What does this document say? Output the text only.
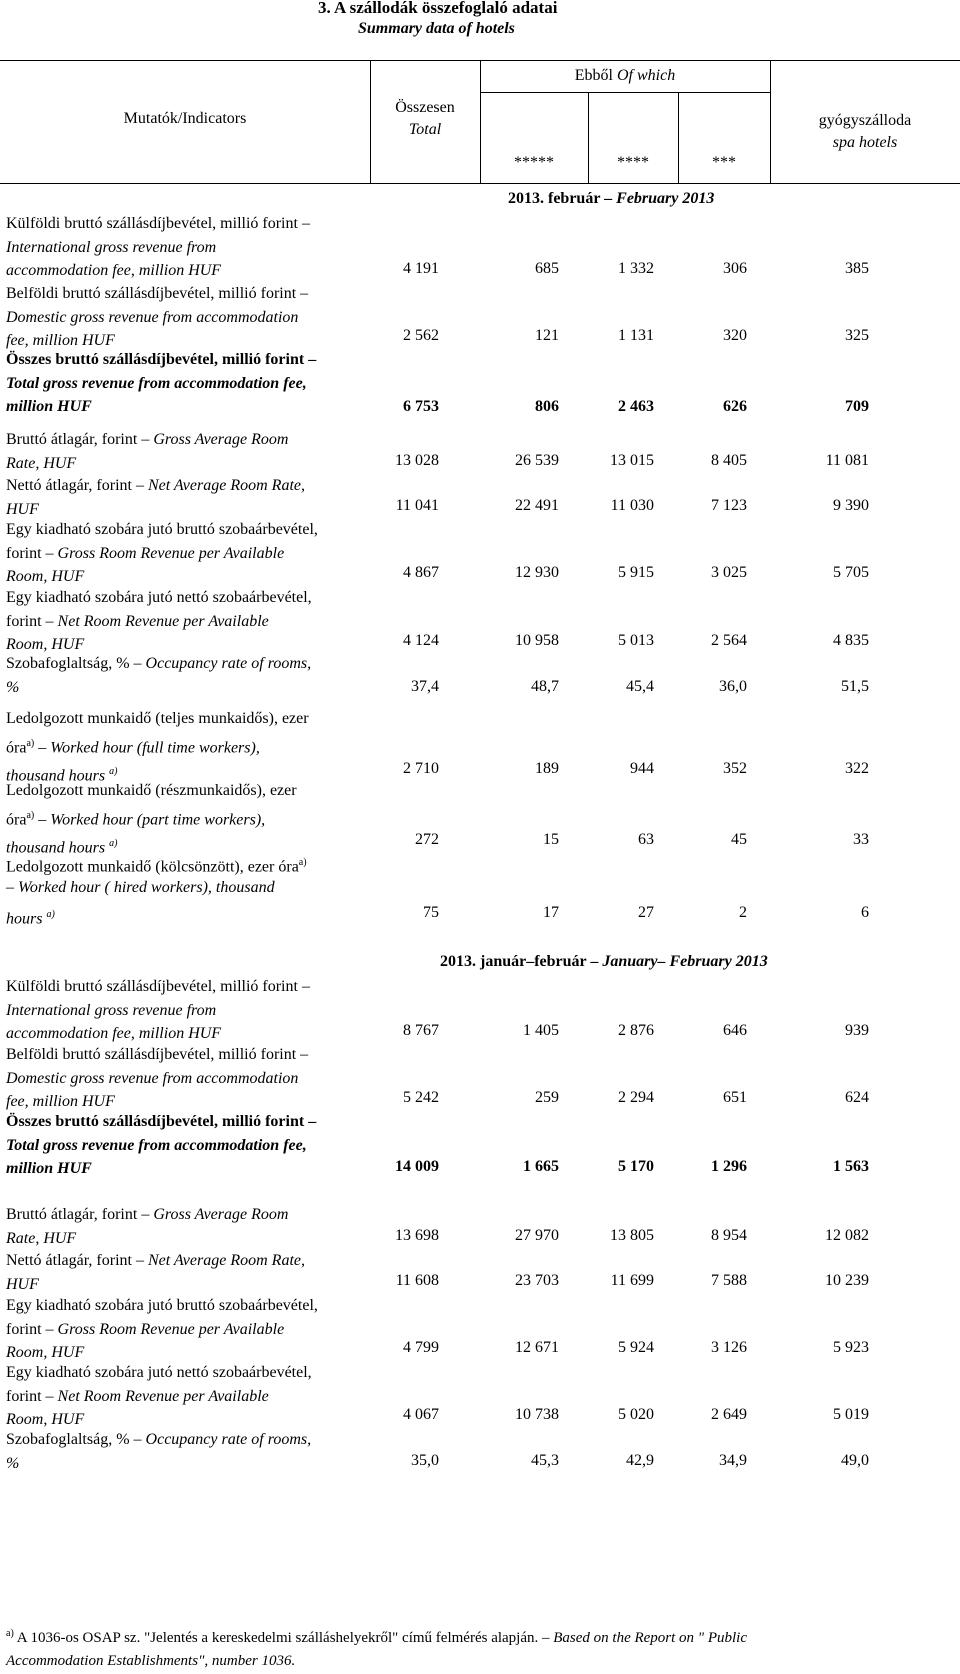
3. A szállodák összefoglaló adatai
Summary data of hotels
Mutatók/Indicators
Összesen
Total
Ebből Of which
*****	****	***
gyógyszálloda
spa hotels
2013. február – February 2013
Külföldi bruttó szállásdíjbevétel, millió forint –
International gross revenue from
accommodation fee, million HUF	4 191	685	1 332	306	385
Belföldi bruttó szállásdíjbevétel, millió forint –
Domestic gross revenue from accommodation
fee, million HUF	2 562	121	1 131	320	325
Összes bruttó szállásdíjbevétel, millió forint –
Total gross revenue from accommodation fee,
million HUF	6 753	806	2 463	626	709
Bruttó átlagár, forint – Gross Average Room
Rate, HUF	13 028	26 539	13 015	8 405	11 081
Nettó átlagár, forint – Net Average Room Rate,
HUF	11 041	22 491	11 030	7 123	9 390
Egy kiadható szobára jutó bruttó szobaárbevétel,
forint – Gross Room Revenue per Available
Room, HUF	4 867	12 930	5 915	3 025	5 705
Egy kiadható szobára jutó nettó szobaárbevétel,
forint – Net Room Revenue per Available
Room, HUF	4 124	10 958	5 013	2 564	4 835
Szobafoglaltság, % – Occupancy rate of rooms,
%	37,4	48,7	45,4	36,0	51,5
Ledolgozott munkaidő (teljes munkaidős), ezer
óra$^{a)}$ – Worked hour (full time workers),
thousand hours $^{a)}$	2 710	189	944	352	322
Ledolgozott munkaidő (részmunkaidős), ezer
óra$^{a)}$ – Worked hour (part time workers),
thousand hours $^{a)}$	272	15	63	45	33
Ledolgozott munkaidő (kölcsönzött), ezer óra$^{a)}$
– Worked hour ( hired workers), thousand
hours $^{a)}$	75	17	27	2	6
2013. január–február – January– February 2013
Külföldi bruttó szállásdíjbevétel, millió forint –
International gross revenue from
accommodation fee, million HUF	8 767	1 405	2 876	646	939
Belföldi bruttó szállásdíjbevétel, millió forint –
Domestic gross revenue from accommodation
fee, million HUF	5 242	259	2 294	651	624
Összes bruttó szállásdíjbevétel, millió forint –
Total gross revenue from accommodation fee,
million HUF	14 009	1 665	5 170	1 296	1 563
Bruttó átlagár, forint – Gross Average Room
Rate, HUF	13 698	27 970	13 805	8 954	12 082
Nettó átlagár, forint – Net Average Room Rate,
HUF	11 608	23 703	11 699	7 588	10 239
Egy kiadható szobára jutó bruttó szobaárbevétel,
forint – Gross Room Revenue per Available
Room, HUF	4 799	12 671	5 924	3 126	5 923
Egy kiadható szobára jutó nettó szobaárbevétel,
forint – Net Room Revenue per Available
Room, HUF	4 067	10 738	5 020	2 649	5 019
Szobafoglaltság, % – Occupancy rate of rooms,
%	35,0	45,3	42,9	34,9	49,0
$^{a)}$ A 1036-os OSAP sz. "Jelentés a kereskedelmi szálláshelyekről" című felmérés alapján. – Based on the Report on " Public
Accommodation Establishments", number 1036.
